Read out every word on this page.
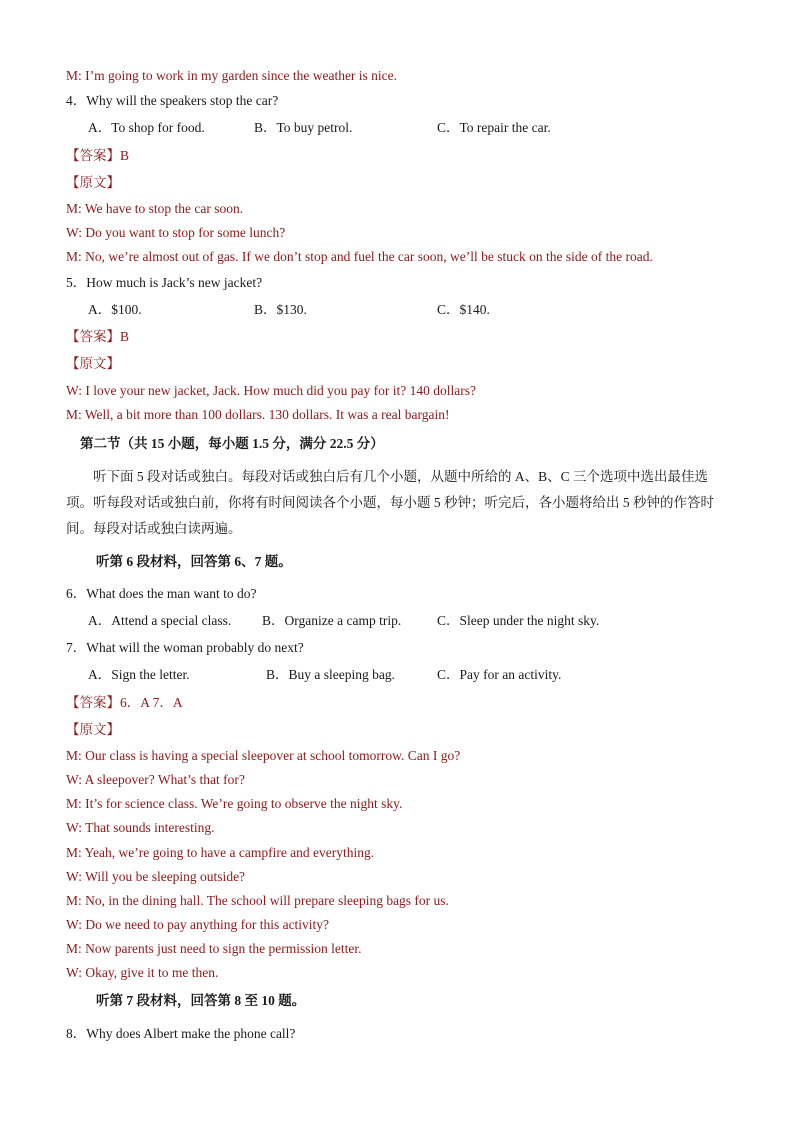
M: I’m going to work in my garden since the weather is nice.
4．Why will the speakers stop the car?
A．To shop for food.	B．To buy petrol.	C．To repair the car.
【答案】B
【原文】
M: We have to stop the car soon.
W: Do you want to stop for some lunch?
M: No, we’re almost out of gas. If we don’t stop and fuel the car soon, we’ll be stuck on the side of the road.
5．How much is Jack’s new jacket?
A．$100.	B．$130.	C．$140.
【答案】B
【原文】
W: I love your new jacket, Jack. How much did you pay for it? 140 dollars?
M: Well, a bit more than 100 dollars. 130 dollars. It was a real bargain!
第二节（共 15 小题，每小题 1.5 分，满分 22.5 分）
听下面 5 段对话或独白。每段对话或独白后有几个小题，从题中所给的 A、B、C 三个选项中选出最佳选项。听每段对话或独白前，你将有时间阅读各个小题，每小题 5 秒钟；听完后，各小题将给出 5 秒钟的作答时间。每段对话或独白读两遍。
听第 6 段材料，回答第 6、7 题。
6．What does the man want to do?
A．Attend a special class. B．Organize a camp trip.	C．Sleep under the night sky.
7．What will the woman probably do next?
A．Sign the letter.	B．Buy a sleeping bag.	C．Pay for an activity.
【答案】6．A 7．A
【原文】
M: Our class is having a special sleepover at school tomorrow. Can I go?
W: A sleepover? What’s that for?
M: It’s for science class. We’re going to observe the night sky.
W: That sounds interesting.
M: Yeah, we’re going to have a campfire and everything.
W: Will you be sleeping outside?
M: No, in the dining hall. The school will prepare sleeping bags for us.
W: Do we need to pay anything for this activity?
M: Now parents just need to sign the permission letter.
W: Okay, give it to me then.
听第 7 段材料，回答第 8 至 10 题。
8．Why does Albert make the phone call?
